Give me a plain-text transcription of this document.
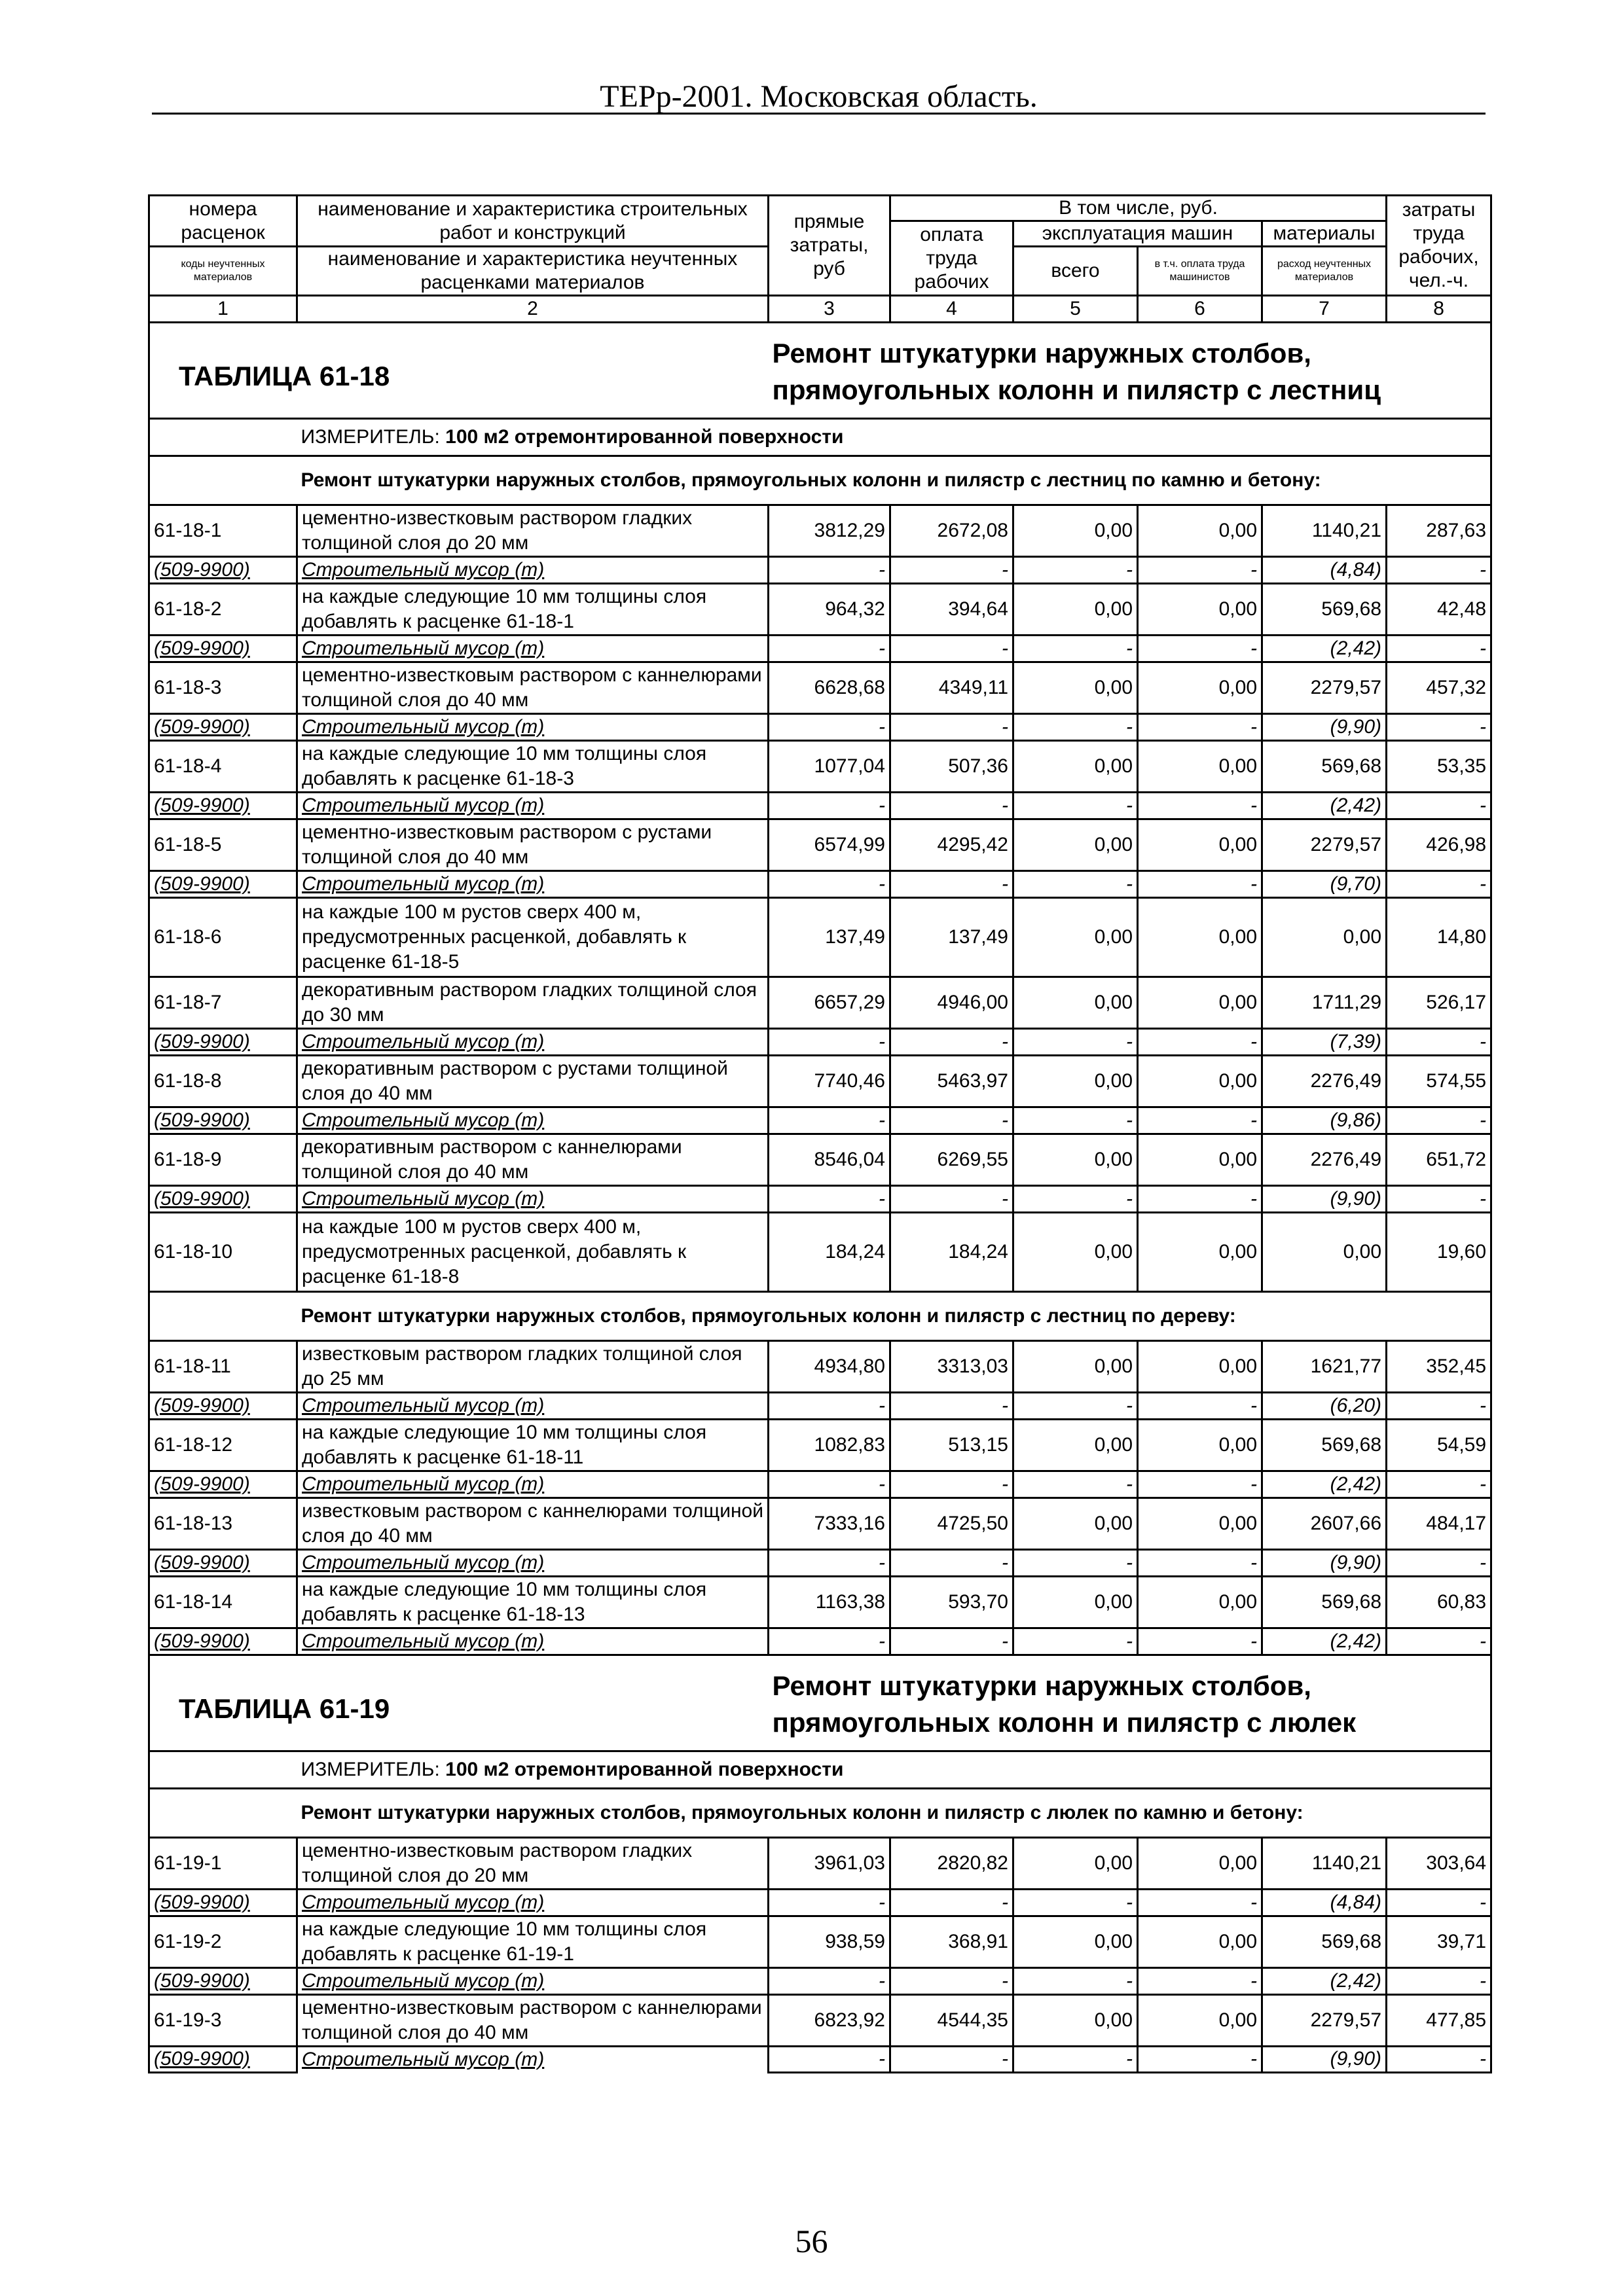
ТЕРр-2001. Московская область.
номера расценок	наименование и характеристика строительных работ и конструкций	прямые затраты, руб	В том числе, руб.				затраты труда рабочих, чел.-ч.
			оплата труда рабочих	эксплуатация машин		материалы	
коды неучтенных материалов	наименование и характеристика неучтенных расценками материалов			всего	в т.ч. оплата труда машинистов	расход неучтенных материалов	

1	2	3	4	5	6	7	8
ТАБЛИЦА 61-18		Ремонт штукатурки наружных столбов, прямоугольных колонн и пилястр с лестниц					
	ИЗМЕРИТЕЛЬ: 100 м2 отремонтированной поверхности						
	Ремонт штукатурки наружных столбов, прямоугольных колонн и пилястр с лестниц по камню и бетону:						
61-18-1	цементно-известковым раствором гладких толщиной слоя до 20 мм	3812,29	2672,08	0,00	0,00	1140,21	287,63
(509-9900)	Строительный мусор (т)	-	-	-	-	(4,84)	-
61-18-2	на каждые следующие 10 мм толщины слоя добавлять к расценке 61-18-1	964,32	394,64	0,00	0,00	569,68	42,48
(509-9900)	Строительный мусор (т)	-	-	-	-	(2,42)	-
61-18-3	цементно-известковым раствором с каннелюрами толщиной слоя до 40 мм	6628,68	4349,11	0,00	0,00	2279,57	457,32
(509-9900)	Строительный мусор (т)	-	-	-	-	(9,90)	-
61-18-4	на каждые следующие 10 мм толщины слоя добавлять к расценке 61-18-3	1077,04	507,36	0,00	0,00	569,68	53,35
(509-9900)	Строительный мусор (т)	-	-	-	-	(2,42)	-
61-18-5	цементно-известковым раствором с рустами толщиной слоя до 40 мм	6574,99	4295,42	0,00	0,00	2279,57	426,98
(509-9900)	Строительный мусор (т)	-	-	-	-	(9,70)	-
61-18-6	на каждые 100 м рустов сверх 400 м, предусмотренных расценкой, добавлять к расценке 61-18-5	137,49	137,49	0,00	0,00	0,00	14,80
61-18-7	декоративным раствором гладких толщиной слоя до 30 мм	6657,29	4946,00	0,00	0,00	1711,29	526,17
(509-9900)	Строительный мусор (т)	-	-	-	-	(7,39)	-
61-18-8	декоративным раствором с рустами толщиной слоя до 40 мм	7740,46	5463,97	0,00	0,00	2276,49	574,55
(509-9900)	Строительный мусор (т)	-	-	-	-	(9,86)	-
61-18-9	декоративным раствором с каннелюрами толщиной слоя до 40 мм	8546,04	6269,55	0,00	0,00	2276,49	651,72
(509-9900)	Строительный мусор (т)	-	-	-	-	(9,90)	-
61-18-10	на каждые 100 м рустов сверх 400 м, предусмотренных расценкой, добавлять к расценке 61-18-8	184,24	184,24	0,00	0,00	0,00	19,60
	Ремонт штукатурки наружных столбов, прямоугольных колонн и пилястр с лестниц по дереву:						
61-18-11	известковым раствором гладких толщиной слоя до 25 мм	4934,80	3313,03	0,00	0,00	1621,77	352,45
(509-9900)	Строительный мусор (т)	-	-	-	-	(6,20)	-
61-18-12	на каждые следующие 10 мм толщины слоя добавлять к расценке 61-18-11	1082,83	513,15	0,00	0,00	569,68	54,59
(509-9900)	Строительный мусор (т)	-	-	-	-	(2,42)	-
61-18-13	известковым раствором с каннелюрами толщиной слоя до 40 мм	7333,16	4725,50	0,00	0,00	2607,66	484,17
(509-9900)	Строительный мусор (т)	-	-	-	-	(9,90)	-
61-18-14	на каждые следующие 10 мм толщины слоя добавлять к расценке 61-18-13	1163,38	593,70	0,00	0,00	569,68	60,83
(509-9900)	Строительный мусор (т)	-	-	-	-	(2,42)	-
ТАБЛИЦА 61-19		Ремонт штукатурки наружных столбов, прямоугольных колонн и пилястр с люлек					
	ИЗМЕРИТЕЛЬ: 100 м2 отремонтированной поверхности						
	Ремонт штукатурки наружных столбов, прямоугольных колонн и пилястр с люлек по камню и бетону:						
61-19-1	цементно-известковым раствором гладких толщиной слоя до 20 мм	3961,03	2820,82	0,00	0,00	1140,21	303,64
(509-9900)	Строительный мусор (т)	-	-	-	-	(4,84)	-
61-19-2	на каждые следующие 10 мм толщины слоя добавлять к расценке 61-19-1	938,59	368,91	0,00	0,00	569,68	39,71
(509-9900)	Строительный мусор (т)	-	-	-	-	(2,42)	-
61-19-3	цементно-известковым раствором с каннелюрами толщиной слоя до 40 мм	6823,92	4544,35	0,00	0,00	2279,57	477,85
(509-9900)	Строительный мусор (т)	-	-	-	-	(9,90)	-
56
